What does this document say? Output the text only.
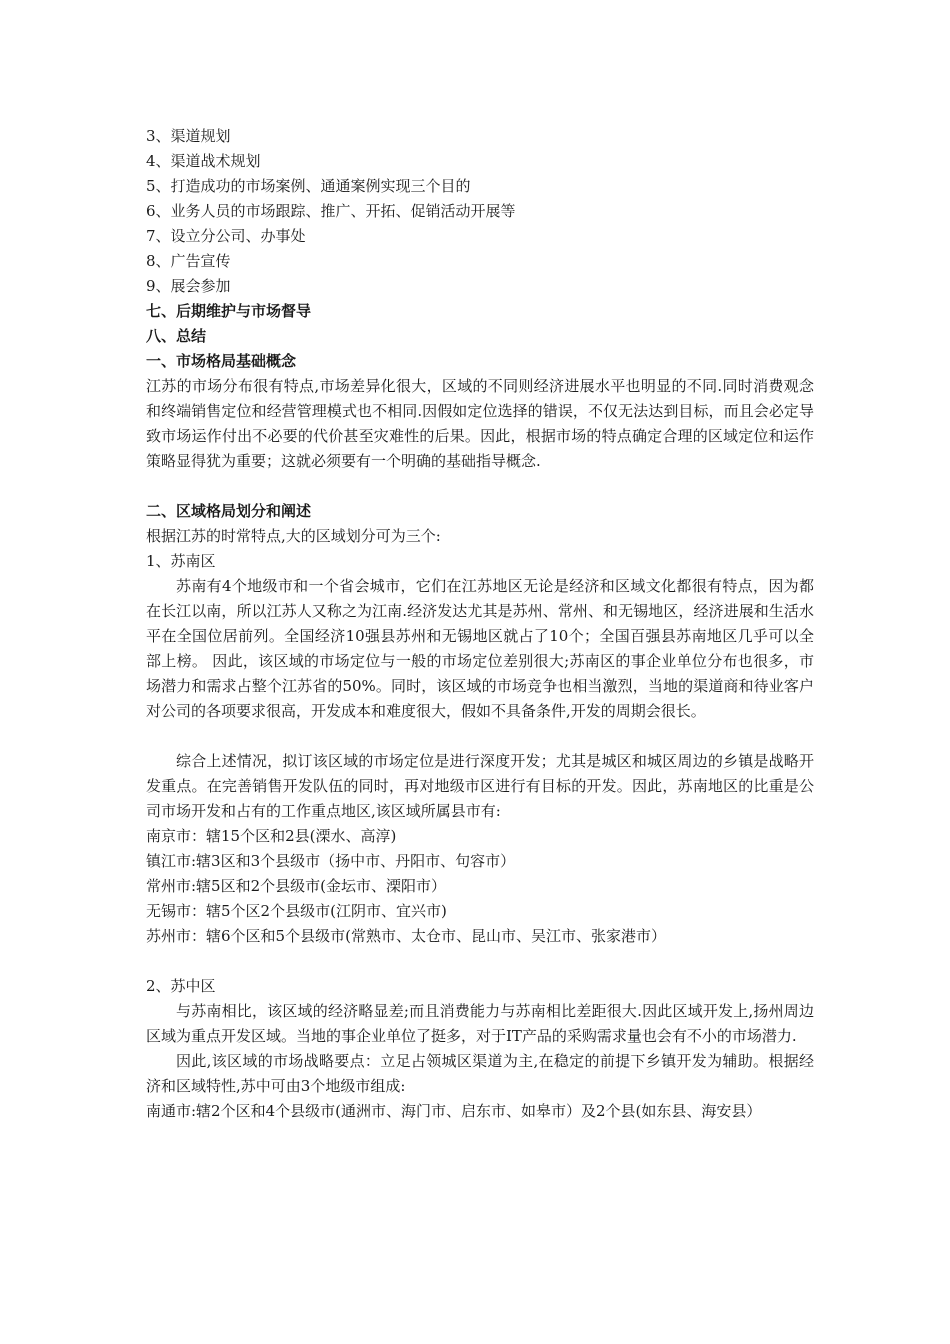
3、渠道规划

4、渠道战术规划

5、打造成功的市场案例、通通案例实现三个目的

6、业务人员的市场跟踪、推广、开拓、促销活动开展等

7、设立分公司、办事处

8、广告宣传

9、展会参加

七、后期维护与市场督导

八、总结

一、市场格局基础概念

江苏的市场分布很有特点,市场差异化很大，区域的不同则经济进展水平也明显的不同.同时消费观念和终端销售定位和经营管理模式也不相同.因假如定位选择的错误，不仅无法达到目标，而且会必定导致市场运作付出不必要的代价甚至灾难性的后果。因此，根据市场的特点确定合理的区域定位和运作策略显得犹为重要；这就必须要有一个明确的基础指导概念.

二、区域格局划分和阐述

根据江苏的时常特点,大的区域划分可为三个:

1、苏南区

苏南有4个地级市和一个省会城市，它们在江苏地区无论是经济和区域文化都很有特点，因为都在长江以南，所以江苏人又称之为江南.经济发达尤其是苏州、常州、和无锡地区，经济进展和生活水平在全国位居前列。全国经济10强县苏州和无锡地区就占了10个；全国百强县苏南地区几乎可以全部上榜。 因此，该区域的市场定位与一般的市场定位差别很大;苏南区的事企业单位分布也很多，市场潜力和需求占整个江苏省的50%。同时，该区域的市场竞争也相当激烈，当地的渠道商和待业客户对公司的各项要求很高，开发成本和难度很大，假如不具备条件,开发的周期会很长。

综合上述情况，拟订该区域的市场定位是进行深度开发；尤其是城区和城区周边的乡镇是战略开发重点。在完善销售开发队伍的同时，再对地级市区进行有目标的开发。因此，苏南地区的比重是公司市场开发和占有的工作重点地区,该区域所属县市有:

南京市：辖15个区和2县(溧水、高淳)

镇江市:辖3区和3个县级市（扬中市、丹阳市、句容市）

常州市:辖5区和2个县级市(金坛市、溧阳市）

无锡市：辖5个区2个县级市(江阴市、宜兴市)

苏州市：辖6个区和5个县级市(常熟市、太仓市、昆山市、吴江市、张家港市）

2、苏中区

与苏南相比，该区域的经济略显差;而且消费能力与苏南相比差距很大.因此区域开发上,扬州周边区域为重点开发区域。当地的事企业单位了挺多，对于IT产品的采购需求量也会有不小的市场潜力.

因此,该区域的市场战略要点：立足占领城区渠道为主,在稳定的前提下乡镇开发为辅助。根据经济和区域特性,苏中可由3个地级市组成:

南通市:辖2个区和4个县级市(通洲市、海门市、启东市、如皋市）及2个县(如东县、海安县）
